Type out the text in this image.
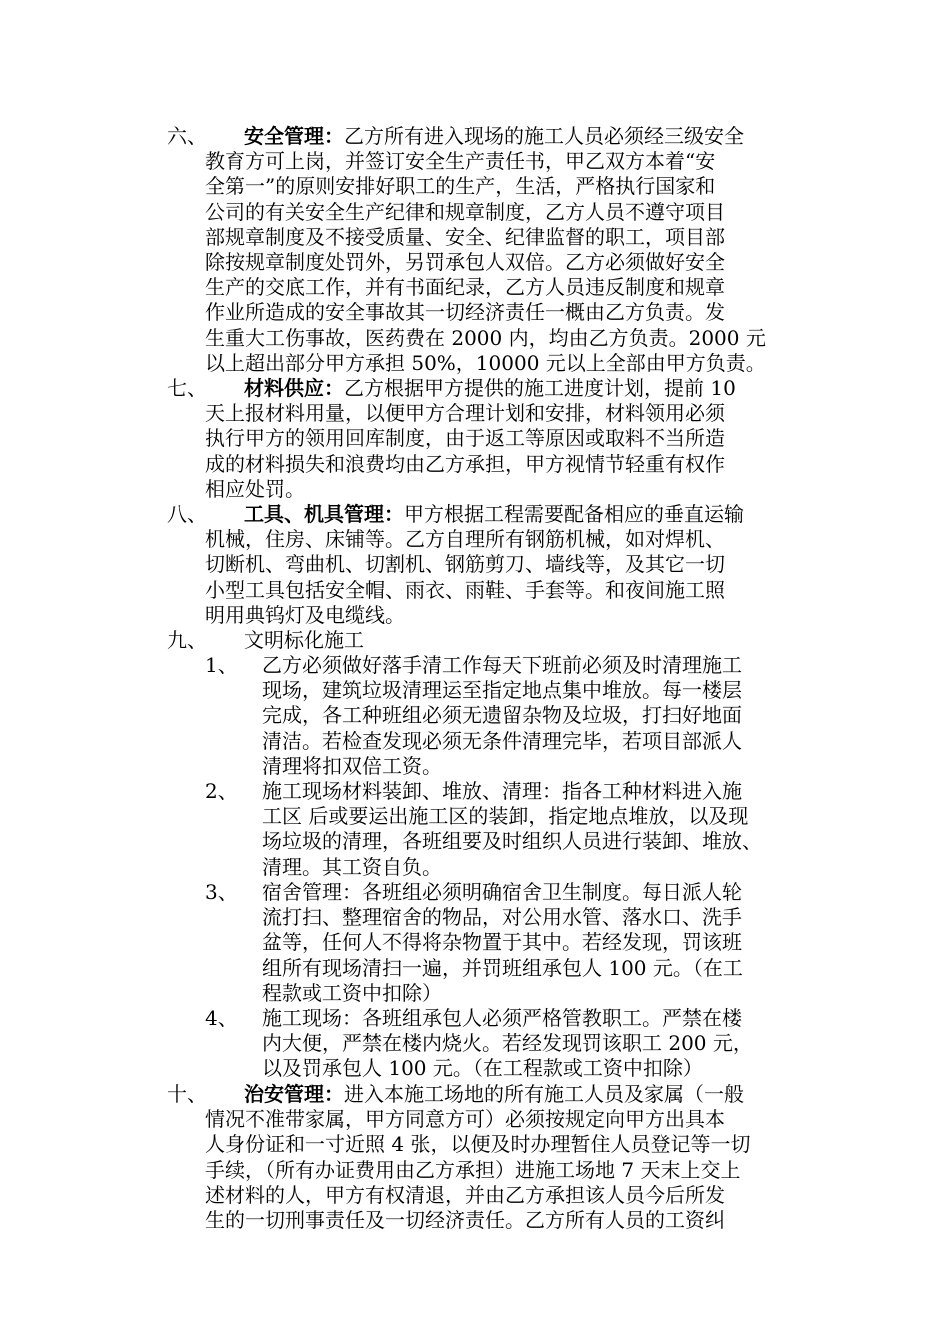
六、	安全管理： 乙方所有进入现场的施工人员必须经三级安全
教育方可上岗，并签订安全生产责任书，甲乙双方本着“安
全第一”的原则安排好职工的生产，生活，严格执行国家和
公司的有关安全生产纪律和规章制度，乙方人员不遵守项目
部规章制度及不接受质量、安全、纪律监督的职工，项目部
除按规章制度处罚外，另罚承包人双倍。乙方必须做好安全
生产的交底工作，并有书面纪录，乙方人员违反制度和规章
作业所造成的安全事故其一切经济责任一概由乙方负责。发
生重大工伤事故，医药费在 2000 内，均由乙方负责。2000 元
以上超出部分甲方承担 50%，10000 元以上全部由甲方负责。
七、	材料供应： 乙方根据甲方提供的施工进度计划，提前 10
天上报材料用量，以便甲方合理计划和安排，材料领用必须
执行甲方的领用回库制度，由于返工等原因或取料不当所造
成的材料损失和浪费均由乙方承担，甲方视情节轻重有权作
相应处罚。
八、	工具、机具管理： 甲方根据工程需要配备相应的垂直运输
机械，住房、床铺等。乙方自理所有钢筋机械，如对焊机、
切断机、弯曲机、切割机、钢筋剪刀、墙线等，及其它一切
小型工具包括安全帽、雨衣、雨鞋、手套等。和夜间施工照
明用典钨灯及电缆线。
九、	文明标化施工
1、	乙方必须做好落手清工作每天下班前必须及时清理施工
现场，建筑垃圾清理运至指定地点集中堆放。每一楼层
完成，各工种班组必须无遗留杂物及垃圾，打扫好地面
清洁。若检查发现必须无条件清理完毕，若项目部派人
清理将扣双倍工资。
2、	施工现场材料装卸、堆放、清理：指各工种材料进入施
工区 后或要运出施工区的装卸，指定地点堆放，以及现
场垃圾的清理，各班组要及时组织人员进行装卸、堆放、
清理。其工资自负。
3、	宿舍管理：各班组必须明确宿舍卫生制度。每日派人轮
流打扫、整理宿舍的物品，对公用水管、落水口、洗手
盆等，任何人不得将杂物置于其中。若经发现，罚该班
组所有现场清扫一遍，并罚班组承包人 100 元。（在工
程款或工资中扣除）
4、	施工现场：各班组承包人必须严格管教职工。严禁在楼
内大便，严禁在楼内烧火。若经发现罚该职工 200 元，
以及罚承包人 100 元。（在工程款或工资中扣除）
十、	治安管理： 进入本施工场地的所有施工人员及家属（一般
情况不准带家属，甲方同意方可）必须按规定向甲方出具本
人身份证和一寸近照 4 张，以便及时办理暂住人员登记等一切
手续，（所有办证费用由乙方承担）进施工场地 7 天末上交上
述材料的人，甲方有权清退，并由乙方承担该人员今后所发
生的一切刑事责任及一切经济责任。乙方所有人员的工资纠
